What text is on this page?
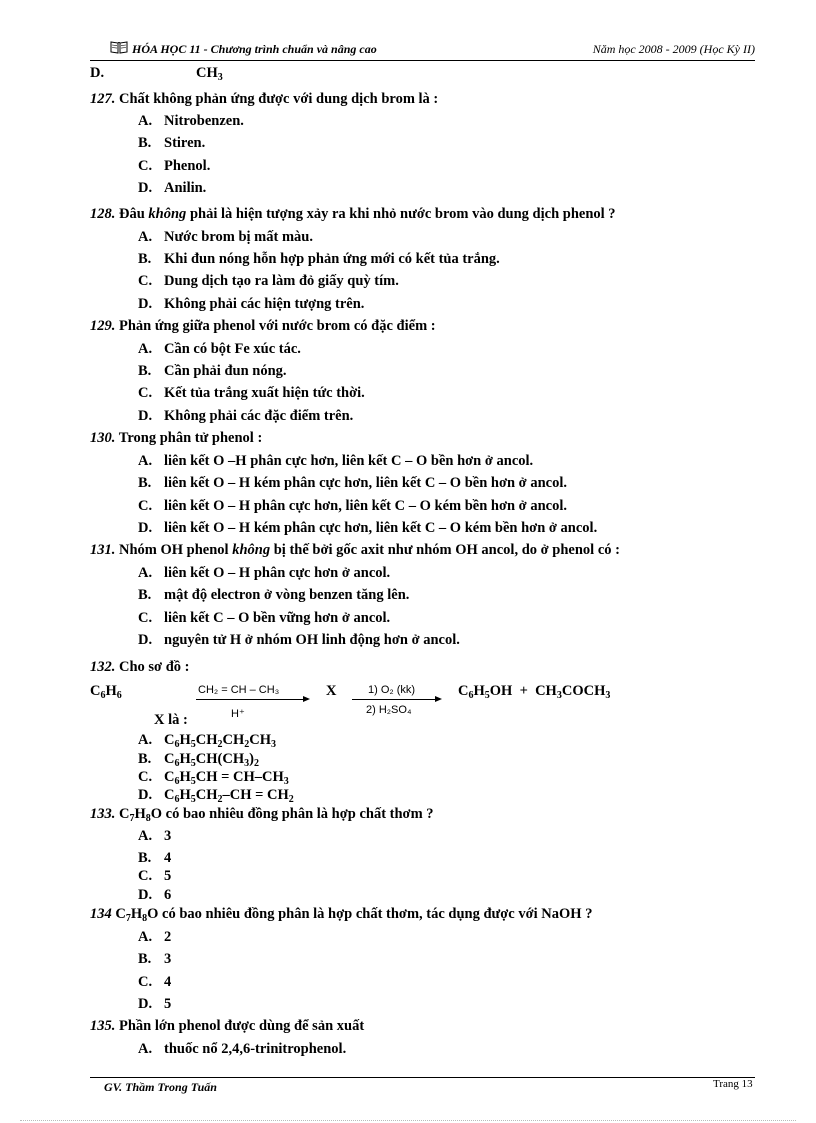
HÓA HỌC 11 - Chương trình chuẩn và nâng cao	Năm học 2008 - 2009 (Học Kỳ II)
D.	$CH_3$
127. Chất không phản ứng được với dung dịch brom là :
A. Nitrobenzen.
B. Stiren.
C. Phenol.
D. Anilin.
128. Đâu không phải là hiện tượng xảy ra khi nhỏ nước brom vào dung dịch phenol ?
A. Nước brom bị mất màu.
B. Khi đun nóng hỗn hợp phản ứng mới có kết tủa trắng.
C. Dung dịch tạo ra làm đỏ giấy quỳ tím.
D. Không phải các hiện tượng trên.
129. Phản ứng giữa phenol với nước brom có đặc điểm :
A. Cần có bột Fe xúc tác.
B. Cần phải đun nóng.
C. Kết tủa trắng xuất hiện tức thời.
D. Không phải các đặc điểm trên.
130. Trong phân tử phenol :
A. liên kết O –H phân cực hơn, liên kết C – O bền hơn ở ancol.
B. liên kết O – H kém phân cực hơn, liên kết C – O bền hơn ở ancol.
C. liên kết O – H phân cực hơn, liên kết C – O kém bền hơn ở ancol.
D. liên kết O – H kém phân cực hơn, liên kết C – O kém bền hơn ở ancol.
131. Nhóm OH phenol không bị thế bởi gốc axit như nhóm OH ancol, do ở phenol có :
A. liên kết O – H phân cực hơn ở ancol.
B. mật độ electron ở vòng benzen tăng lên.
C. liên kết C – O bền vững hơn ở ancol.
D. nguyên tử H ở nhóm OH linh động hơn ở ancol.
132. Cho sơ đồ :
$C_6H_6$	CH₂ = CH – CH₃
H⁺
X	1) O₂ (kk)
2) H₂SO₄
$C_6H_5OH$  +  $CH_3COCH_3$
X là :
A. $C_6H_5CH_2CH_2CH_3$
B. $C_6H_5CH(CH_3)_2$
C. $C_6H_5CH = CH-CH_3$
D. $C_6H_5CH_2-CH = CH_2$
133. $C_7H_8O$ có bao nhiêu đồng phân là hợp chất thơm ?
A. 3
B. 4
C. 5
D. 6
134 $C_7H_8O$ có bao nhiêu đồng phân là hợp chất thơm, tác dụng được với NaOH ?
A. 2
B. 3
C. 4
D. 5
135. Phần lớn phenol được dùng để sản xuất
A. thuốc nổ 2,4,6-trinitrophenol.
GV. Thầm Trong Tuấn	Trang 13
